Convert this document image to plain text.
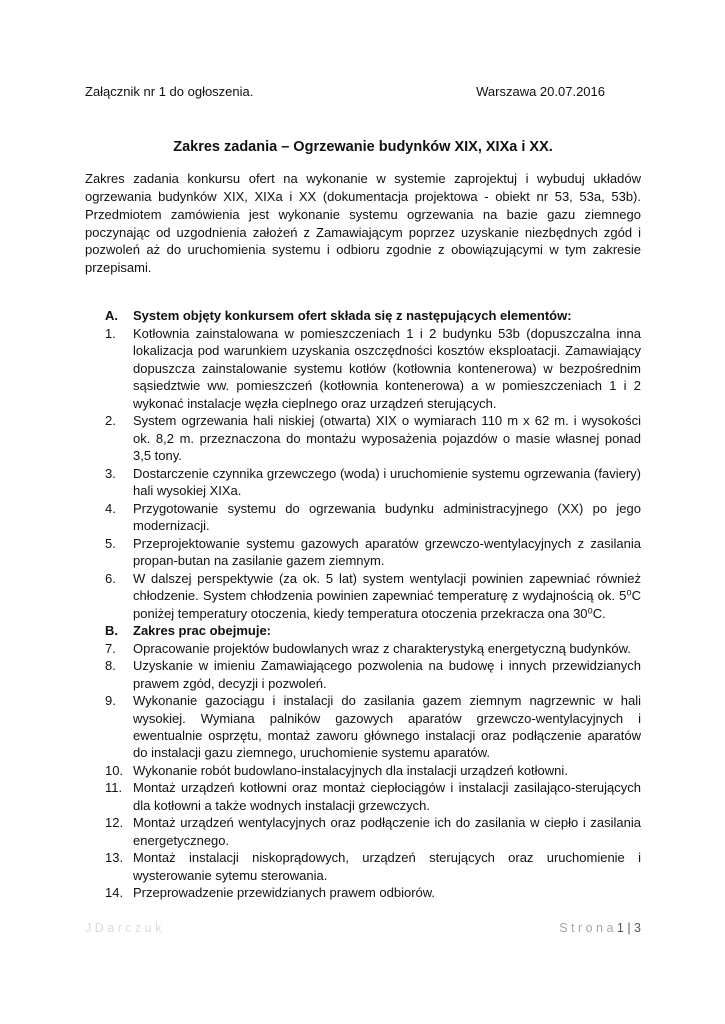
Załącznik nr 1 do ogłoszenia.	Warszawa 20.07.2016
Zakres zadania – Ogrzewanie budynków XIX, XIXa i XX.

Zakres zadania konkursu ofert na wykonanie w systemie zaprojektuj i wybuduj układów ogrzewania budynków XIX, XIXa i XX (dokumentacja projektowa - obiekt nr 53, 53a, 53b). Przedmiotem zamówienia jest wykonanie systemu ogrzewania na bazie gazu ziemnego poczynając od uzgodnienia założeń z Zamawiającym poprzez uzyskanie niezbędnych zgód i pozwoleń aż do uruchomienia systemu i odbioru zgodnie z obowiązującymi w tym zakresie przepisami.

A.	System objęty konkursem ofert składa się z następujących elementów:
1.	Kotłownia zainstalowana w pomieszczeniach 1 i 2 budynku 53b (dopuszczalna inna lokalizacja pod warunkiem uzyskania oszczędności kosztów eksploatacji. Zamawiający dopuszcza zainstalowanie systemu kotłów (kotłownia kontenerowa) w bezpośrednim sąsiedztwie ww. pomieszczeń (kotłownia kontenerowa) a w pomieszczeniach 1 i 2 wykonać instalacje węzła cieplnego oraz urządzeń sterujących.
2.	System ogrzewania hali niskiej (otwarta) XIX o wymiarach 110 m x 62 m. i wysokości ok. 8,2 m. przeznaczona do montażu wyposażenia pojazdów o masie własnej ponad 3,5 tony.
3.	Dostarczenie czynnika grzewczego (woda) i uruchomienie systemu ogrzewania (faviery) hali wysokiej XIXa.
4.	Przygotowanie systemu do ogrzewania budynku administracyjnego (XX) po jego modernizacji.
5.	Przeprojektowanie systemu gazowych aparatów grzewczo-wentylacyjnych z zasilania propan-butan na zasilanie gazem ziemnym.
6.	W dalszej perspektywie (za ok. 5 lat) system wentylacji powinien zapewniać również chłodzenie. System chłodzenia powinien zapewniać temperaturę z wydajnością ok. 5⁰C poniżej temperatury otoczenia, kiedy temperatura otoczenia przekracza ona 30⁰C.
B.	Zakres prac obejmuje:
7.	Opracowanie projektów budowlanych wraz z charakterystyką energetyczną budynków.
8.	Uzyskanie w imieniu Zamawiającego pozwolenia na budowę i innych przewidzianych prawem zgód, decyzji i pozwoleń.
9.	Wykonanie gazociągu i instalacji do zasilania gazem ziemnym nagrzewnic w hali wysokiej. Wymiana palników gazowych aparatów grzewczo-wentylacyjnych i ewentualnie osprzętu, montaż zaworu głównego instalacji oraz podłączenie aparatów do instalacji gazu ziemnego, uruchomienie systemu aparatów.
10. Wykonanie robót budowlano-instalacyjnych dla instalacji urządzeń kotłowni.
11. Montaż urządzeń kotłowni oraz montaż ciepłociągów i instalacji zasilająco-sterujących dla kotłowni a także wodnych instalacji grzewczych.
12. Montaż urządzeń wentylacyjnych oraz podłączenie ich do zasilania w ciepło i zasilania energetycznego.
13. Montaż instalacji niskoprądowych, urządzeń sterujących oraz uruchomienie i wysterowanie sytemu sterowania.
14. Przeprowadzenie przewidzianych prawem odbiorów.
J D a r c z u k	S t r o n a 1 | 3
